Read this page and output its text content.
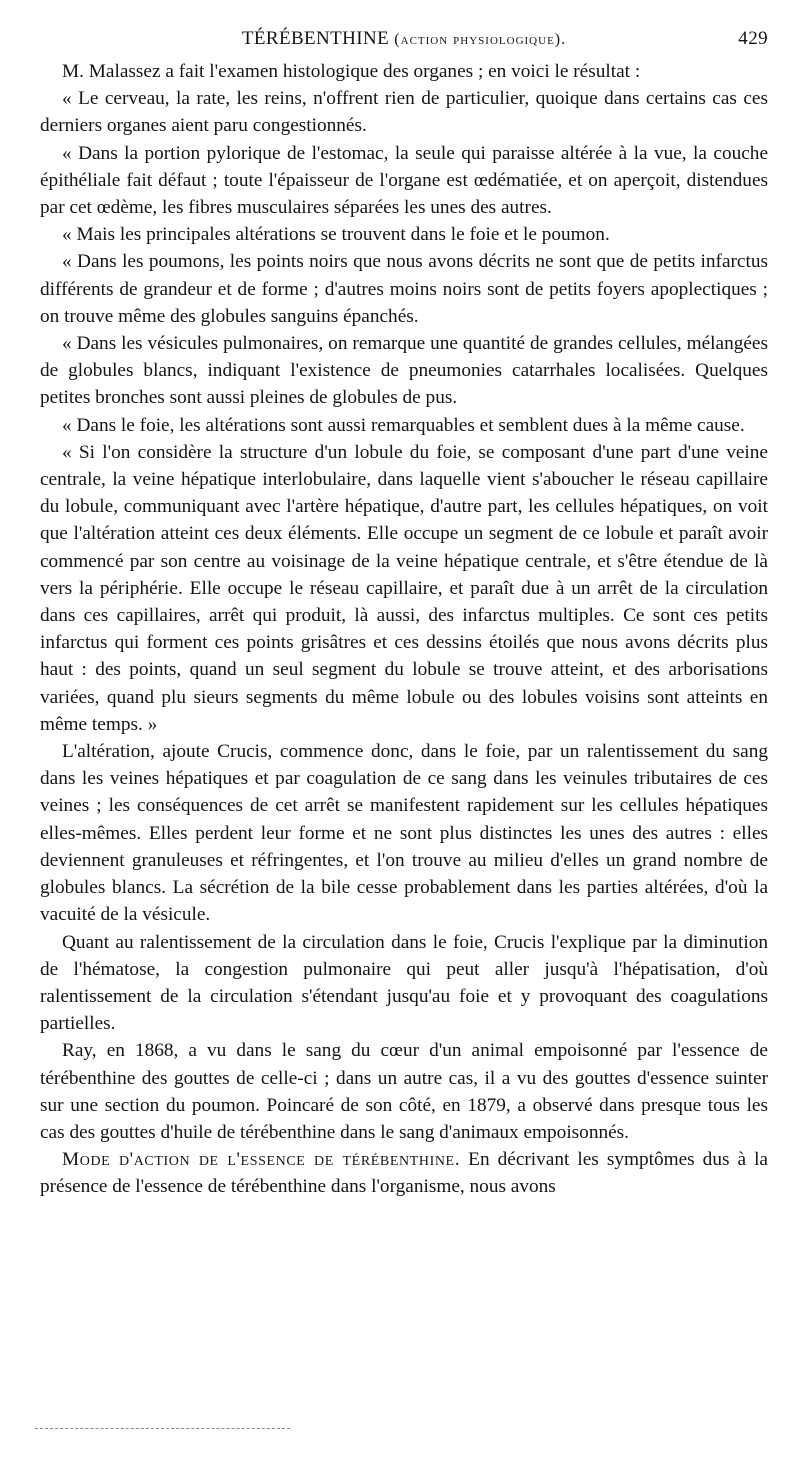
TÉRÉBENTHINE (action physiologique).	429

M. Malassez a fait l'examen histologique des organes ; en voici le résultat :

« Le cerveau, la rate, les reins, n'offrent rien de particulier, quoique dans certains cas ces derniers organes aient paru congestionnés.

« Dans la portion pylorique de l'estomac, la seule qui paraisse altérée à la vue, la couche épithéliale fait défaut ; toute l'épaisseur de l'organe est œdématiée, et on aperçoit, distendues par cet œdème, les fibres musculaires séparées les unes des autres.

« Mais les principales altérations se trouvent dans le foie et le poumon.

« Dans les poumons, les points noirs que nous avons décrits ne sont que de petits infarctus différents de grandeur et de forme ; d'autres moins noirs sont de petits foyers apoplectiques ; on trouve même des globules sanguins épanchés.

« Dans les vésicules pulmonaires, on remarque une quantité de grandes cellules, mélangées de globules blancs, indiquant l'existence de pneumonies catarrhales localisées. Quelques petites bronches sont aussi pleines de globules de pus.

« Dans le foie, les altérations sont aussi remarquables et semblent dues à la même cause.

« Si l'on considère la structure d'un lobule du foie, se composant d'une part d'une veine centrale, la veine hépatique interlobulaire, dans laquelle vient s'aboucher le réseau capillaire du lobule, communiquant avec l'artère hépatique, d'autre part, les cellules hépatiques, on voit que l'altération atteint ces deux éléments. Elle occupe un segment de ce lobule et paraît avoir commencé par son centre au voisinage de la veine hépatique centrale, et s'être étendue de là vers la périphérie. Elle occupe le réseau capillaire, et paraît due à un arrêt de la circulation dans ces capillaires, arrêt qui produit, là aussi, des infarctus multiples. Ce sont ces petits infarctus qui forment ces points grisâtres et ces dessins étoilés que nous avons décrits plus haut : des points, quand un seul segment du lobule se trouve atteint, et des arborisations variées, quand plu sieurs segments du même lobule ou des lobules voisins sont atteints en même temps. »

L'altération, ajoute Crucis, commence donc, dans le foie, par un ralentissement du sang dans les veines hépatiques et par coagulation de ce sang dans les veinules tributaires de ces veines ; les conséquences de cet arrêt se manifestent rapidement sur les cellules hépatiques elles-mêmes. Elles perdent leur forme et ne sont plus distinctes les unes des autres : elles deviennent granuleuses et réfringentes, et l'on trouve au milieu d'elles un grand nombre de globules blancs. La sécrétion de la bile cesse probablement dans les parties altérées, d'où la vacuité de la vésicule.

Quant au ralentissement de la circulation dans le foie, Crucis l'explique par la diminution de l'hématose, la congestion pulmonaire qui peut aller jusqu'à l'hépatisation, d'où ralentissement de la circulation s'étendant jusqu'au foie et y provoquant des coagulations partielles.

Ray, en 1868, a vu dans le sang du cœur d'un animal empoisonné par l'essence de térébenthine des gouttes de celle-ci ; dans un autre cas, il a vu des gouttes d'essence suinter sur une section du poumon. Poincaré de son côté, en 1879, a observé dans presque tous les cas des gouttes d'huile de térébenthine dans le sang d'animaux empoisonnés.

Mode d'action de l'essence de térébenthine. En décrivant les symptômes dus à la présence de l'essence de térébenthine dans l'organisme, nous avons
